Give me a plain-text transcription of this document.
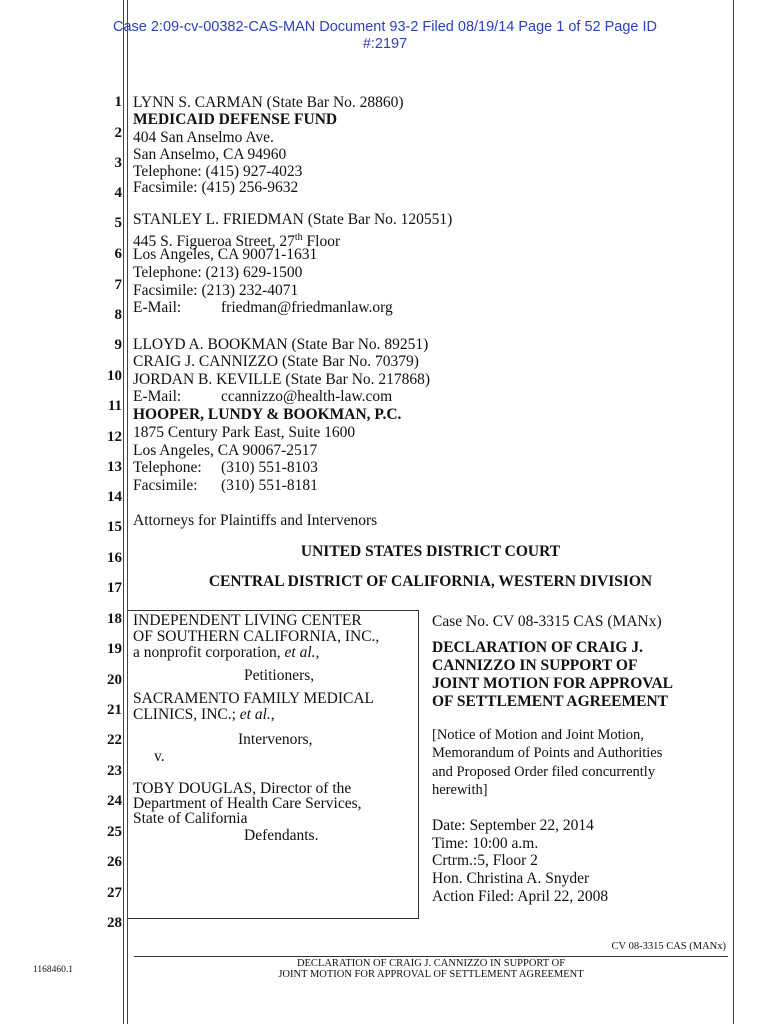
Case 2:09-cv-00382-CAS-MAN Document 93-2 Filed 08/19/14 Page 1 of 52 Page ID
#:2197
1
2
3
4
5
6
7
8
9
10
11
12
13
14
15
16
17
18
19
20
21
22
23
24
25
26
27
28
LYNN S. CARMAN (State Bar No. 28860)
MEDICAID DEFENSE FUND
404 San Anselmo Ave.
San Anselmo, CA 94960
Telephone: (415) 927-4023
Facsimile: (415) 256-9632
STANLEY L. FRIEDMAN (State Bar No. 120551)
445 S. Figueroa Street, 27th Floor
Los Angeles, CA 90071-1631
Telephone: (213) 629-1500
Facsimile: (213) 232-4071
E-Mail:	friedman@friedmanlaw.org
LLOYD A. BOOKMAN (State Bar No. 89251)
CRAIG J. CANNIZZO (State Bar No. 70379)
JORDAN B. KEVILLE (State Bar No. 217868)
E-Mail:	ccannizzo@health-law.com
HOOPER, LUNDY & BOOKMAN, P.C.
1875 Century Park East, Suite 1600
Los Angeles, CA 90067-2517
Telephone: (310) 551-8103
Facsimile: (310) 551-8181
Attorneys for Plaintiffs and Intervenors
UNITED STATES DISTRICT COURT
CENTRAL DISTRICT OF CALIFORNIA, WESTERN DIVISION
INDEPENDENT LIVING CENTER
OF SOUTHERN CALIFORNIA, INC.,
a nonprofit corporation, et al.,
Petitioners,
SACRAMENTO FAMILY MEDICAL
CLINICS, INC.; et al.,
Intervenors,
v.
TOBY DOUGLAS, Director of the
Department of Health Care Services,
State of California
Defendants.
Case No. CV 08-3315 CAS (MANx)
DECLARATION OF CRAIG J.
CANNIZZO IN SUPPORT OF
JOINT MOTION FOR APPROVAL
OF SETTLEMENT AGREEMENT
[Notice of Motion and Joint Motion,
Memorandum of Points and Authorities
and Proposed Order filed concurrently
herewith]
Date: September 22, 2014
Time: 10:00 a.m.
Crtrm.:5, Floor 2
Hon. Christina A. Snyder
Action Filed: April 22, 2008
CV 08-3315 CAS (MANx)
DECLARATION OF CRAIG J. CANNIZZO IN SUPPORT OF
JOINT MOTION FOR APPROVAL OF SETTLEMENT AGREEMENT
1168460.1
